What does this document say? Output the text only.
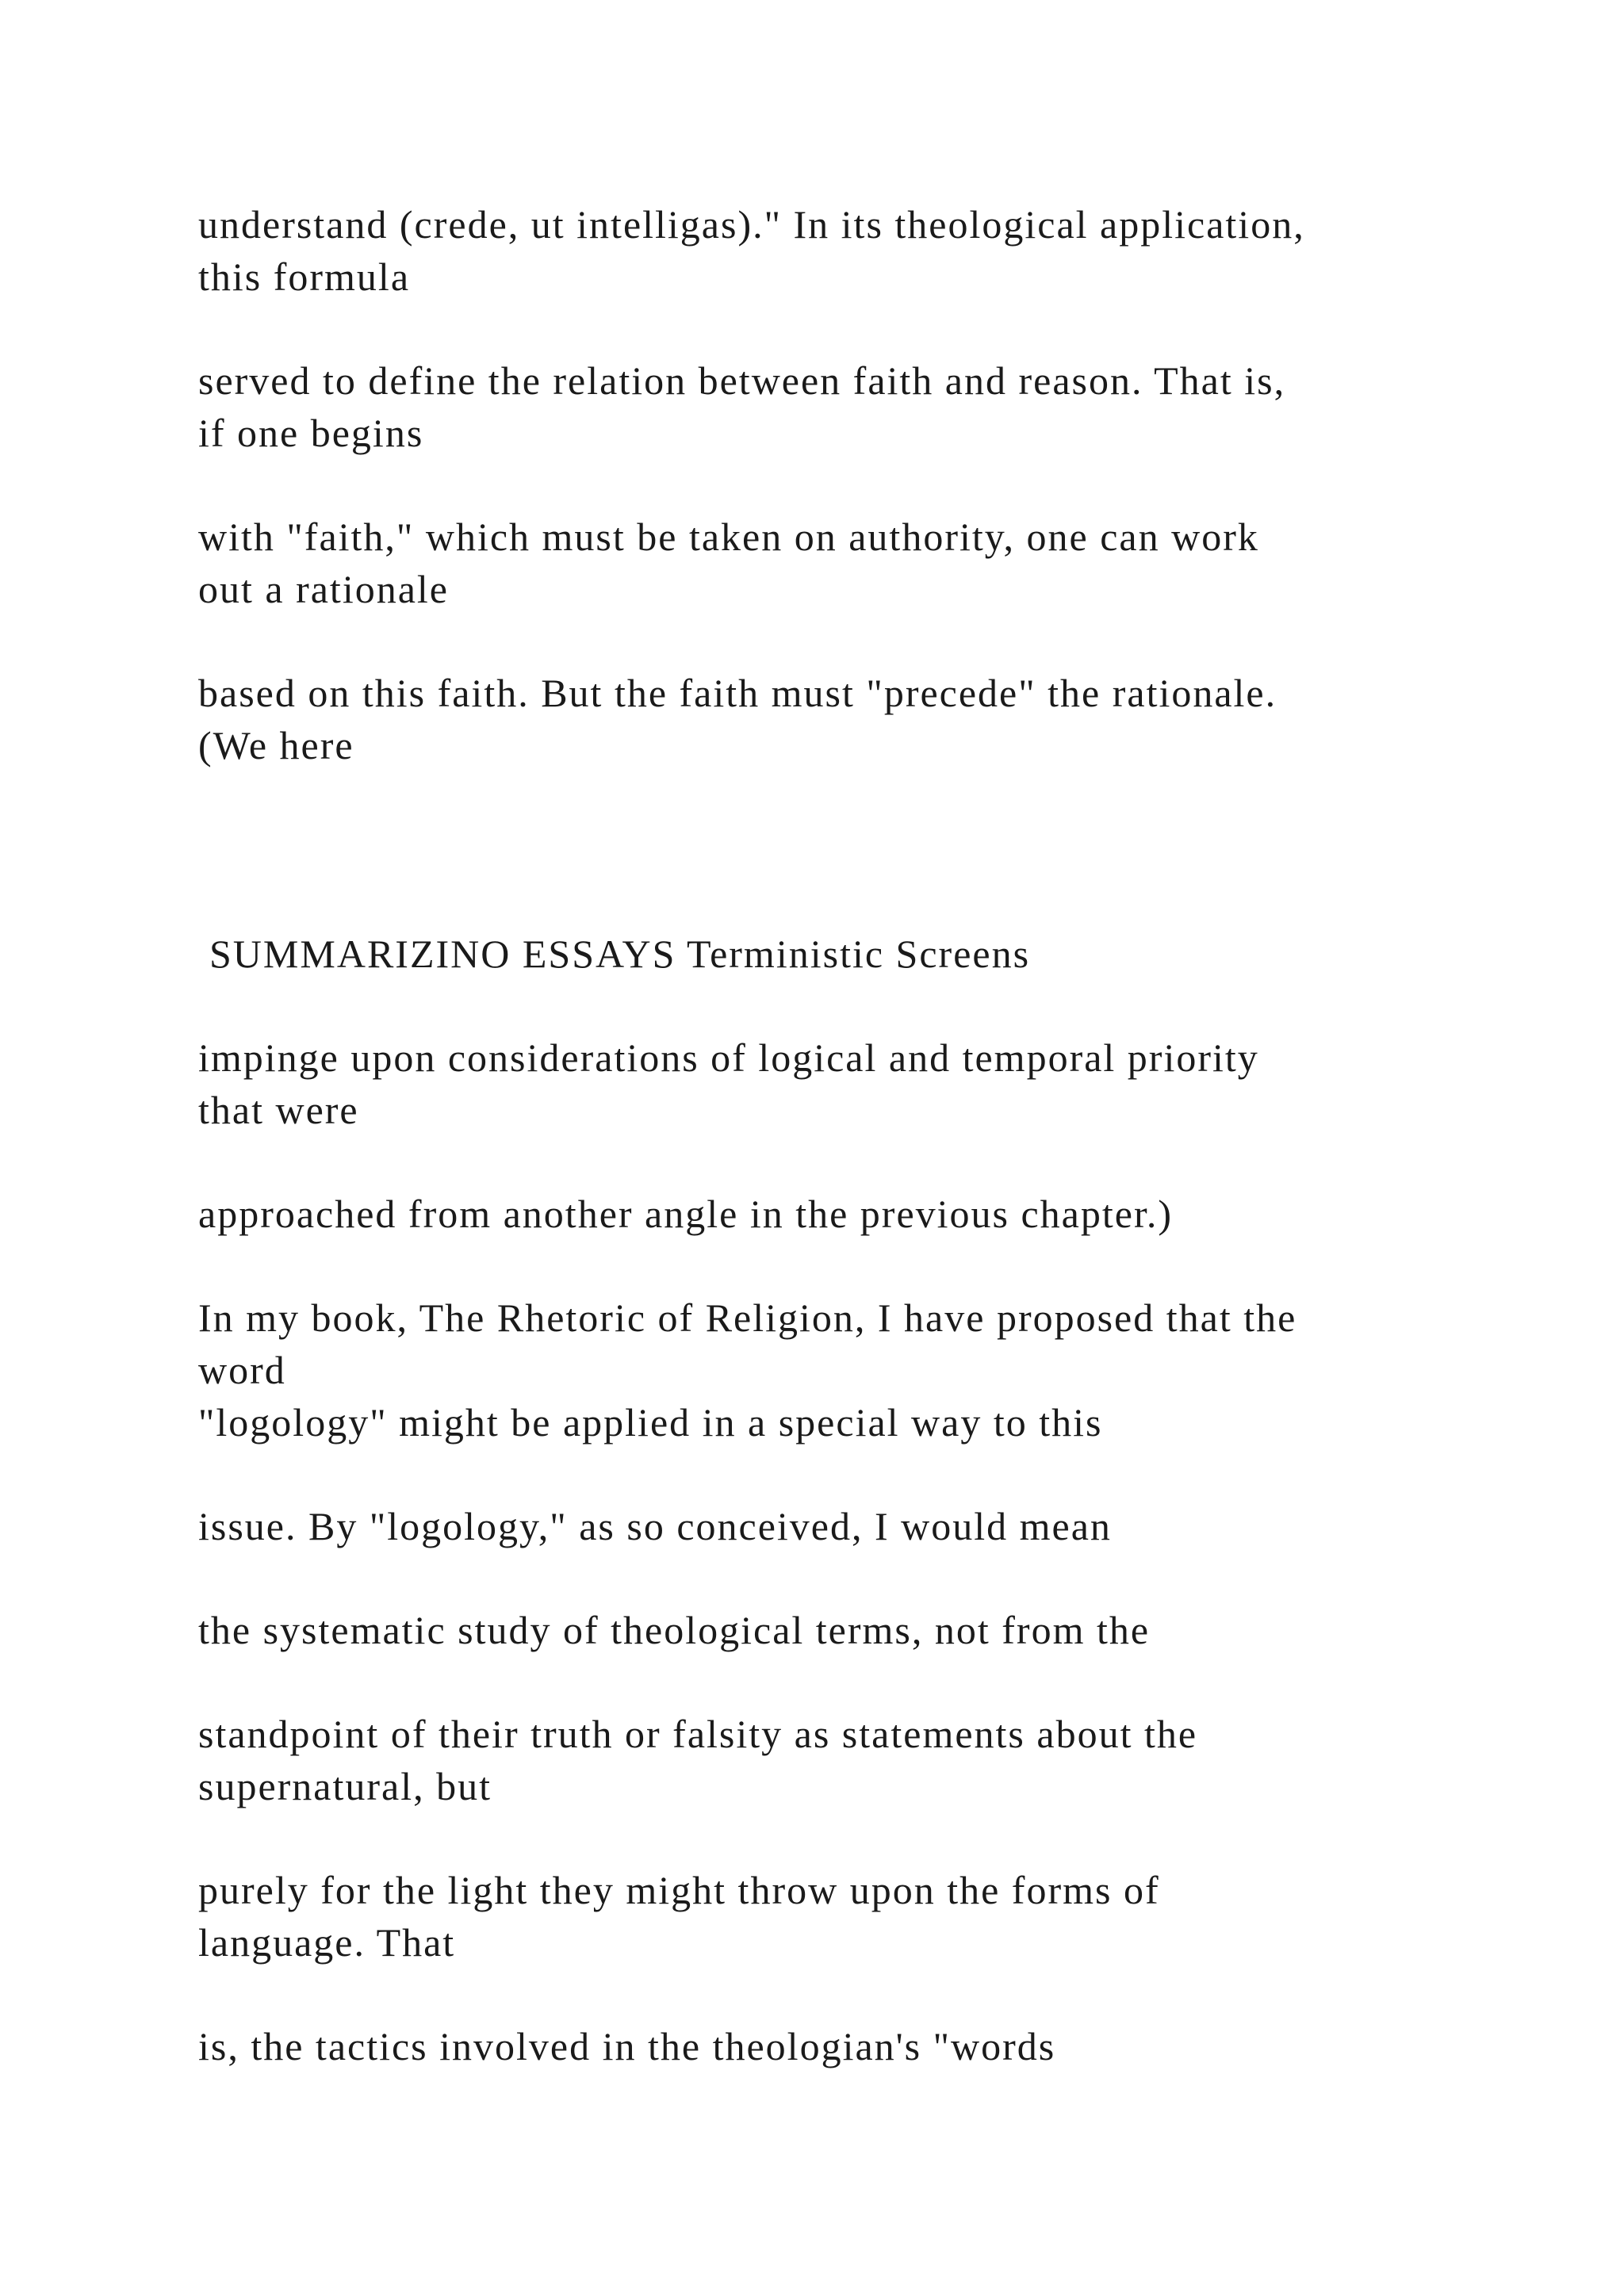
understand (crede, ut intelligas)." In its theological application,
this formula
served to define the relation between faith and reason. That is,
if one begins
with "faith," which must be taken on authority, one can work
out a rationale
based on this faith. But the faith must "precede" the rationale.
(We here
SUMMARIZINO ESSAYS Terministic Screens
impinge upon considerations of logical and temporal priority
that were
approached from another angle in the previous chapter.)
In my book, The Rhetoric of Religion, I have proposed that the
word
"logology" might be applied in a special way to this
issue. By "logology," as so conceived, I would mean
the systematic study of theological terms, not from the
standpoint of their truth or falsity as statements about the
supernatural, but
purely for the light they might throw upon the forms of
language. That
is, the tactics involved in the theologian's "words
